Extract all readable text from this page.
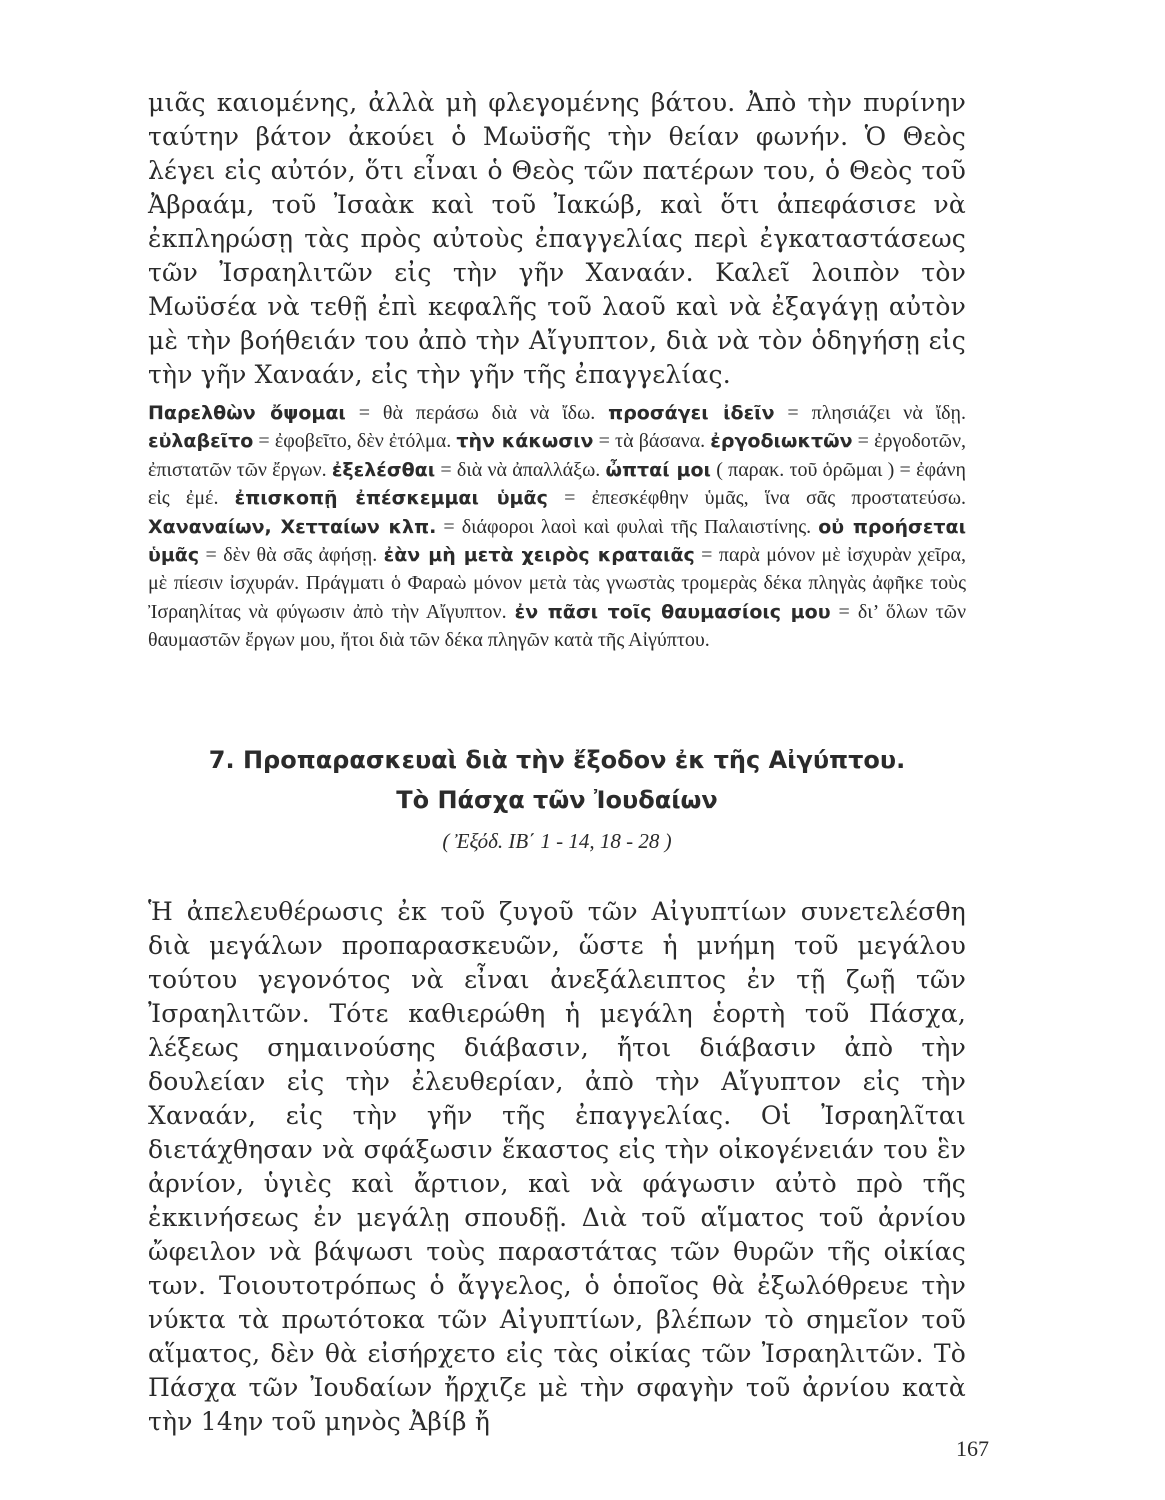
μιᾶς καιομένης, ἀλλὰ μὴ φλεγομένης βάτου. Ἀπὸ τὴν πυρίνην ταύτην βάτον ἀκούει ὁ Μωϋσῆς τὴν θείαν φωνήν. Ὁ Θεὸς λέγει εἰς αὐτόν, ὅτι εἶναι ὁ Θεὸς τῶν πατέρων του, ὁ Θεὸς τοῦ Ἀβραάμ, τοῦ Ἰσαὰκ καὶ τοῦ Ἰακώβ, καὶ ὅτι ἀπεφάσισε νὰ ἐκπληρώσῃ τὰς πρὸς αὐτοὺς ἐπαγγελίας περὶ ἐγκαταστάσεως τῶν Ἰσραηλιτῶν εἰς τὴν γῆν Χαναάν. Καλεῖ λοιπὸν τὸν Μωϋσέα νὰ τεθῇ ἐπὶ κεφαλῆς τοῦ λαοῦ καὶ νὰ ἐξαγάγῃ αὐτὸν μὲ τὴν βοήθειάν του ἀπὸ τὴν Αἴγυπτον, διὰ νὰ τὸν ὁδηγήσῃ εἰς τὴν γῆν Χαναάν, εἰς τὴν γῆν τῆς ἐπαγγελίας.

Παρελθὼν ὄψομαι = θὰ περάσω διὰ νὰ ἴδω. προσάγει ἰδεῖν = πλησιάζει νὰ ἴδῃ. εὐλαβεῖτο = ἐφοβεῖτο, δὲν ἐτόλμα. τὴν κάκωσιν = τὰ βάσανα. ἐργοδιωκτῶν = ἐργοδοτῶν, ἐπιστατῶν τῶν ἔργων. ἐξελέσθαι = διὰ νὰ ἀπαλλάξω. ὦπταί μοι ( παρακ. τοῦ ὁρῶμαι ) = ἐφάνη εἰς ἐμέ. ἐπισκοπῇ ἐπέσκεμμαι ὑμᾶς = ἐπεσκέφθην ὑμᾶς, ἵνα σᾶς προστατεύσω. Χαναναίων, Χετταίων κλπ. = διάφοροι λαοὶ καὶ φυλαὶ τῆς Παλαιστίνης. οὐ προήσεται ὑμᾶς = δὲν θὰ σᾶς ἀφήσῃ. ἐὰν μὴ μετὰ χειρὸς κραταιᾶς = παρὰ μόνον μὲ ἰσχυρὰν χεῖρα, μὲ πίεσιν ἰσχυράν. Πράγματι ὁ Φαραὼ μόνον μετὰ τὰς γνωστὰς τρομερὰς δέκα πληγὰς ἀφῆκε τοὺς Ἰσραηλίτας νὰ φύγωσιν ἀπὸ τὴν Αἴγυπτον. ἐν πᾶσι τοῖς θαυμασίοις μου = δι’ ὅλων τῶν θαυμαστῶν ἔργων μου, ἤτοι διὰ τῶν δέκα πληγῶν κατὰ τῆς Αἰγύπτου.

7. Προπαρασκευαὶ διὰ τὴν ἔξοδον ἐκ τῆς Αἰγύπτου.
Τὸ Πάσχα τῶν Ἰουδαίων

( Ἐξόδ. ΙΒ΄ 1 - 14, 18 - 28 )

Ἡ ἀπελευθέρωσις ἐκ τοῦ ζυγοῦ τῶν Αἰγυπτίων συνετελέσθη διὰ μεγάλων προπαρασκευῶν, ὥστε ἡ μνήμη τοῦ μεγάλου τούτου γεγονότος νὰ εἶναι ἀνεξάλειπτος ἐν τῇ ζωῇ τῶν Ἰσραηλιτῶν. Τότε καθιερώθη ἡ μεγάλη ἑορτὴ τοῦ Πάσχα, λέξεως σημαινούσης διάβασιν, ἤτοι διάβασιν ἀπὸ τὴν δουλείαν εἰς τὴν ἐλευθερίαν, ἀπὸ τὴν Αἴγυπτον εἰς τὴν Χαναάν, εἰς τὴν γῆν τῆς ἐπαγγελίας. Οἱ Ἰσραηλῖται διετάχθησαν νὰ σφάξωσιν ἕκαστος εἰς τὴν οἰκογένειάν του ἓν ἀρνίον, ὑγιὲς καὶ ἄρτιον, καὶ νὰ φάγωσιν αὐτὸ πρὸ τῆς ἐκκινήσεως ἐν μεγάλῃ σπουδῇ. Διὰ τοῦ αἵματος τοῦ ἀρνίου ὤφειλον νὰ βάψωσι τοὺς παραστάτας τῶν θυρῶν τῆς οἰκίας των. Τοιουτοτρόπως ὁ ἄγγελος, ὁ ὁποῖος θὰ ἐξωλόθρευε τὴν νύκτα τὰ πρωτότοκα τῶν Αἰγυπτίων, βλέπων τὸ σημεῖον τοῦ αἵματος, δὲν θὰ εἰσήρχετο εἰς τὰς οἰκίας τῶν Ἰσραηλιτῶν. Τὸ Πάσχα τῶν Ἰουδαίων ἤρχιζε μὲ τὴν σφαγὴν τοῦ ἀρνίου κατὰ τὴν 14ην τοῦ μηνὸς Ἀβίβ ἤ

167
